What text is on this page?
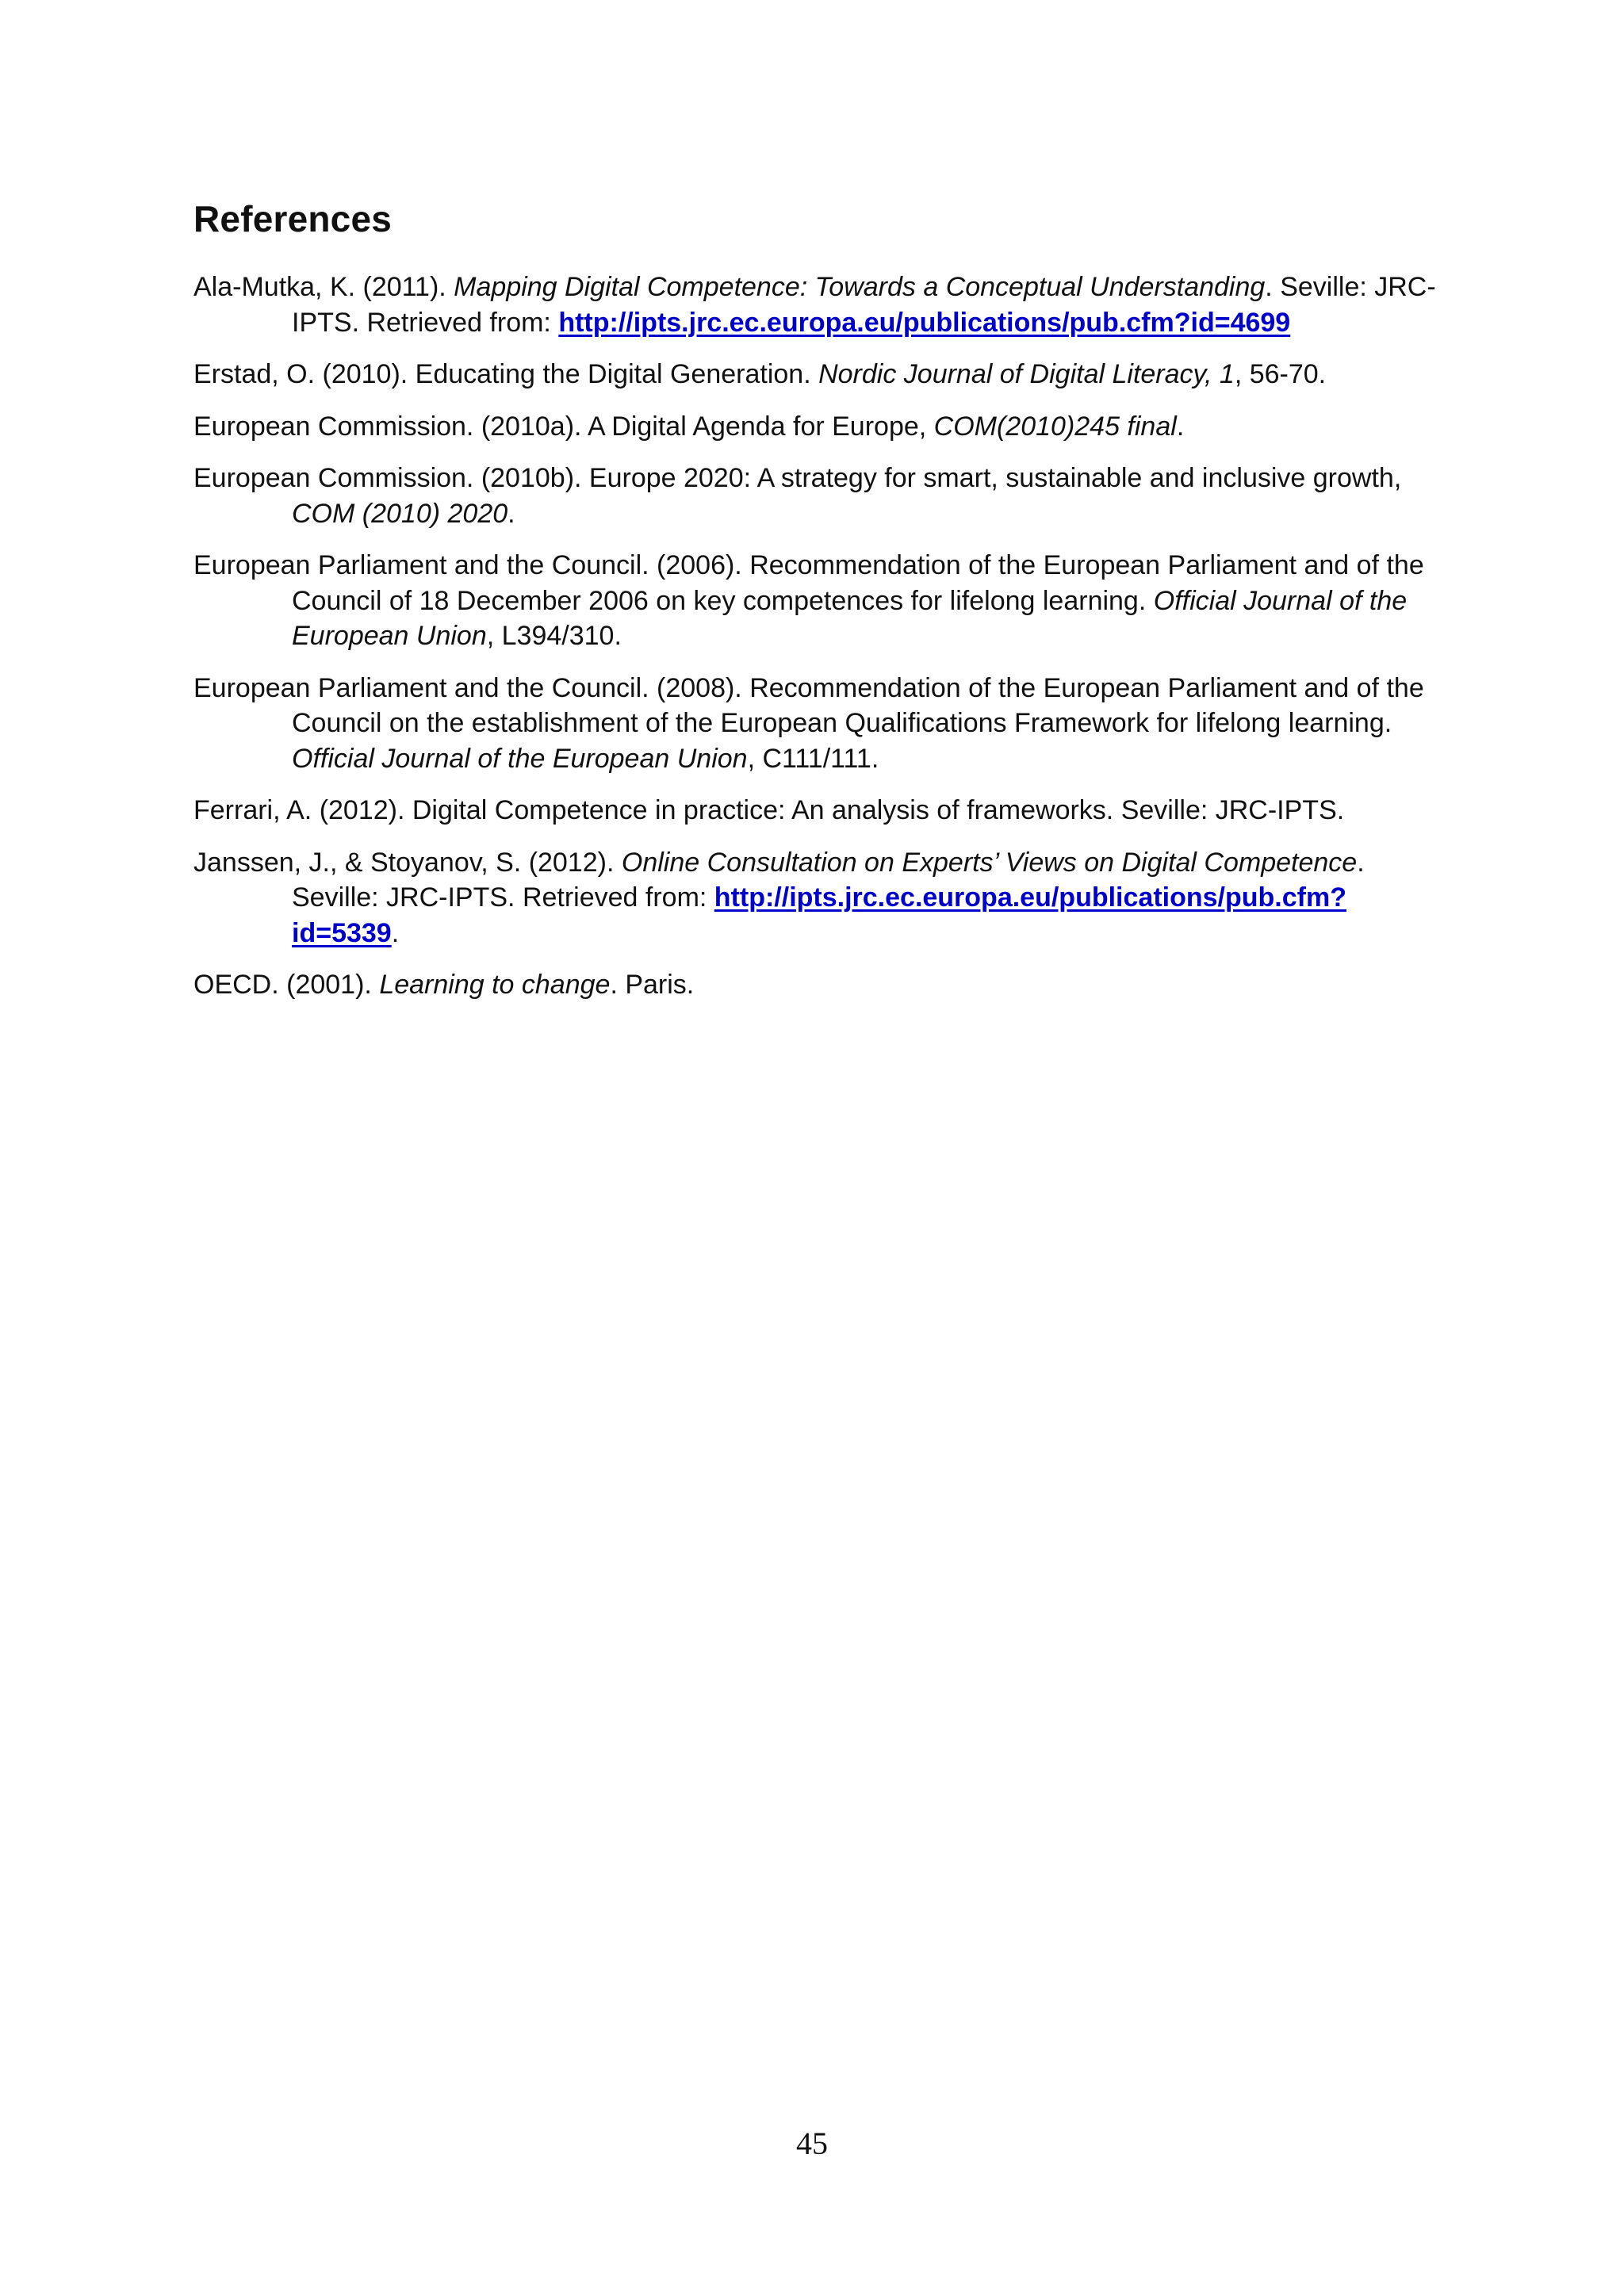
References
Ala-Mutka, K. (2011). Mapping Digital Competence: Towards a Conceptual Understanding. Seville: JRC-IPTS. Retrieved from: http://ipts.jrc.ec.europa.eu/publications/pub.cfm?id=4699
Erstad, O. (2010). Educating the Digital Generation. Nordic Journal of Digital Literacy, 1, 56-70.
European Commission. (2010a). A Digital Agenda for Europe, COM(2010)245 final.
European Commission. (2010b). Europe 2020: A strategy for smart, sustainable and inclusive growth, COM (2010) 2020.
European Parliament and the Council. (2006). Recommendation of the European Parliament and of the Council of 18 December 2006 on key competences for lifelong learning. Official Journal of the European Union, L394/310.
European Parliament and the Council. (2008). Recommendation of the European Parliament and of the Council on the establishment of the European Qualifications Framework for lifelong learning. Official Journal of the European Union, C111/111.
Ferrari, A. (2012). Digital Competence in practice: An analysis of frameworks. Seville: JRC-IPTS.
Janssen, J., & Stoyanov, S. (2012). Online Consultation on Experts’ Views on Digital Competence. Seville: JRC-IPTS. Retrieved from: http://ipts.jrc.ec.europa.eu/publications/pub.cfm?id=5339.
OECD. (2001). Learning to change. Paris.
45
